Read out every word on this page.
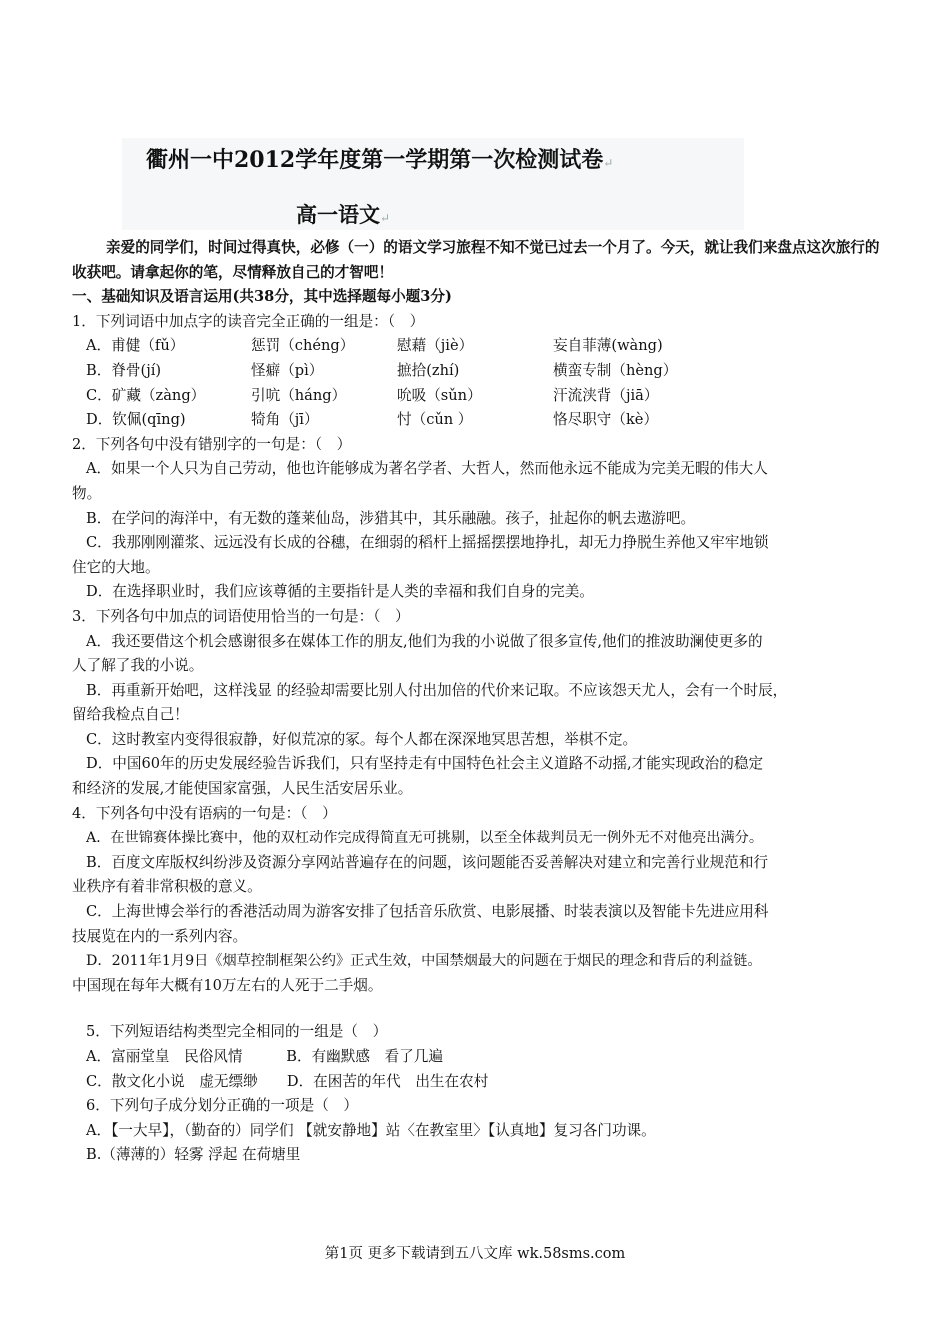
衢州一中2012学年度第一学期第一次检测试卷↵
高一语文↵

亲爱的同学们，时间过得真快，必修（一）的语文学习旅程不知不觉已过去一个月了。今天，就让我们来盘点这次旅行的收获吧。请拿起你的笔，尽情释放自己的才智吧！

一、基础知识及语言运用(共38分，其中选择题每小题3分)

1．下列词语中加点字的读音完全正确的一组是：（　）

A．甫健（fǔ）	惩罚（chéng）	慰藉（jiè）	妄自菲薄(wàng)
B．脊骨(jí)	怪癖（pì）	摭拾(zhí)	横蛮专制（hèng）
C．矿藏（zàng）	引吭（háng）	吮吸（sǔn）	汗流浃背（jiā）
D．钦佩(qīng)	犄角（jī）	忖（cǔn ）	恪尽职守（kè）

2．下列各句中没有错别字的一句是：（　）

A．如果一个人只为自己劳动，他也许能够成为著名学者、大哲人，然而他永远不能成为完美无暇的伟大人

物。

B．在学问的海洋中，有无数的蓬莱仙岛，涉猎其中，其乐融融。孩子，扯起你的帆去遨游吧。

C．我那刚刚灌浆、远远没有长成的谷穗，在细弱的稻杆上摇摇摆摆地挣扎，却无力挣脱生养他又牢牢地锁

住它的大地。

D．在选择职业时，我们应该尊循的主要指针是人类的幸福和我们自身的完美。

3．下列各句中加点的词语使用恰当的一句是：（　）

A．我还要借这个机会感谢很多在媒体工作的朋友,他们为我的小说做了很多宣传,他们的推波助澜使更多的

人了解了我的小说。

B．再重新开始吧，这样浅显 的经验却需要比别人付出加倍的代价来记取。不应该怨天尤人，会有一个时辰，

留给我检点自己！

C．这时教室内变得很寂静，好似荒凉的冢。每个人都在深深地冥思苦想，举棋不定。

D．中国60年的历史发展经验告诉我们，只有坚持走有中国特色社会主义道路不动摇,才能实现政治的稳定

和经济的发展,才能使国家富强，人民生活安居乐业。

4．下列各句中没有语病的一句是：（　）

A．在世锦赛体操比赛中，他的双杠动作完成得简直无可挑剔，以至全体裁判员无一例外无不对他亮出满分。

B．百度文库版权纠纷涉及资源分享网站普遍存在的问题，该问题能否妥善解决对建立和完善行业规范和行

业秩序有着非常积极的意义。

C．上海世博会举行的香港活动周为游客安排了包括音乐欣赏、电影展播、时装表演以及智能卡先进应用科

技展览在内的一系列内容。

D．2011年1月9日《烟草控制框架公约》正式生效，中国禁烟最大的问题在于烟民的理念和背后的利益链。

中国现在每年大概有10万左右的人死于二手烟。

5．下列短语结构类型完全相同的一组是（　）

A．富丽堂皇　民俗风情　　　B．有幽默感　看了几遍

C．散文化小说　虚无缥缈　　D．在困苦的年代　出生在农村

6．下列句子成分划分正确的一项是（　）

A．【一大早】，（勤奋的）同学们 【就安静地】站〈在教室里〉【认真地】复习各门功课。

B.（薄薄的）轻雾 浮起 在荷塘里

第1页 更多下载请到五八文库 wk.58sms.com
